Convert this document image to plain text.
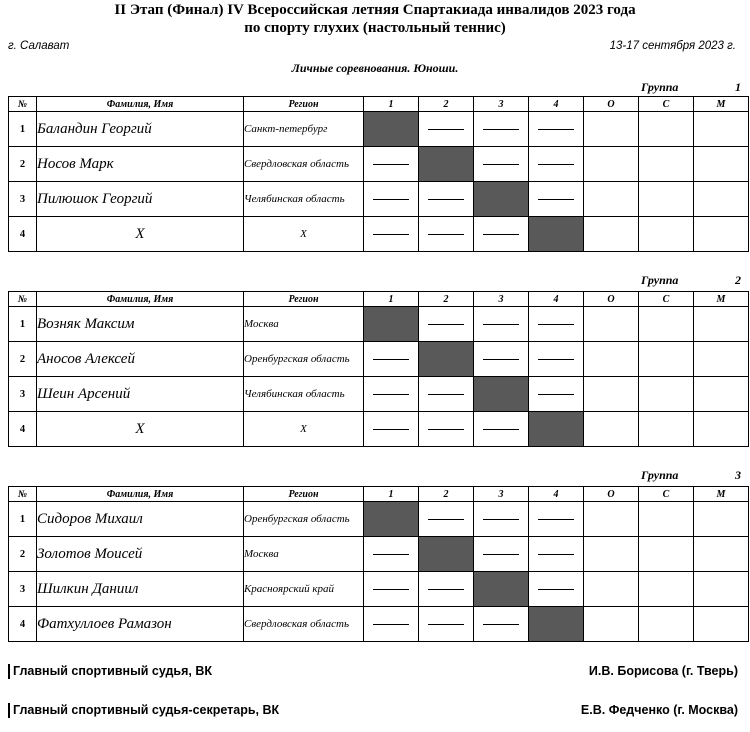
II Этап (Финал) IV Всероссийская летняя Спартакиада инвалидов 2023 года
по спорту глухих (настольный теннис)
г. Салават	13-17 сентября 2023 г.
Личные соревнования. Юноши.
Группа	1
№	Фамилия, Имя	Регион	1	2	3	4	О	С	М
1	Баландин Георгий	Санкт-петербург							
2	Носов Марк	Свердловская область							
3	Пилюшок Георгий	Челябинская область							
4	Х	Х							
Группа	2
№	Фамилия, Имя	Регион	1	2	3	4	О	С	М
1	Возняк Максим	Москва							
2	Аносов Алексей	Оренбургская область							
3	Шеин Арсений	Челябинская область							
4	Х	Х							
Группа	3
№	Фамилия, Имя	Регион	1	2	3	4	О	С	М
1	Сидоров Михаил	Оренбургская область							
2	Золотов Моисей	Москва							
3	Шилкин Даниил	Красноярский край							
4	Фатхуллоев Рамазон	Свердловская область							
Главный спортивный судья, ВК	И.В. Борисова (г. Тверь)
Главный спортивный судья-секретарь, ВК	Е.В. Федченко (г. Москва)
